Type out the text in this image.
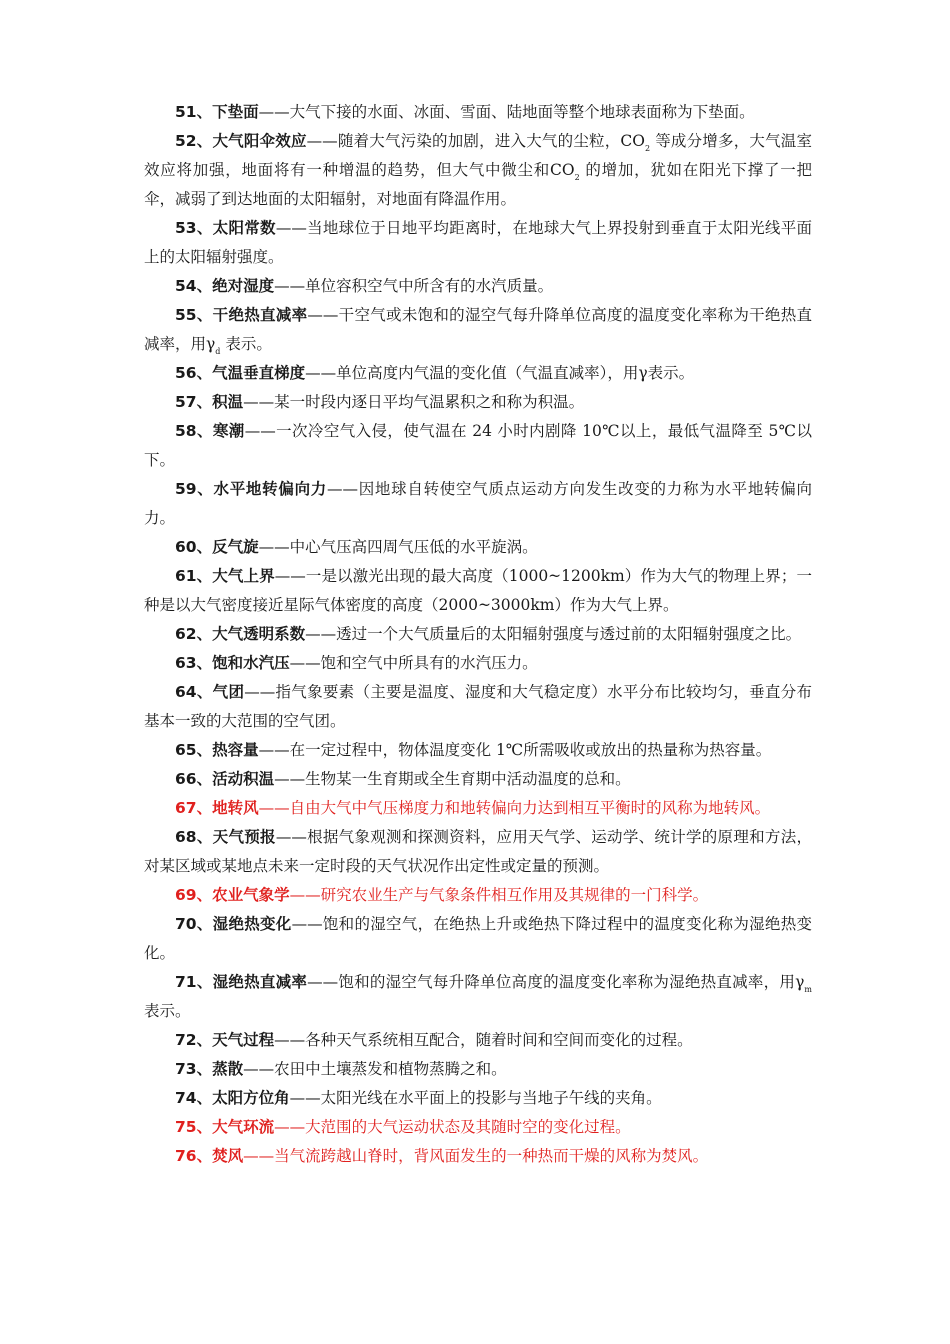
51、下垫面——大气下接的水面、冰面、雪面、陆地面等整个地球表面称为下垫面。

52、大气阳伞效应——随着大气污染的加剧，进入大气的尘粒，$CO_2$ 等成分增多，大气温室效应将加强，地面将有一种增温的趋势，但大气中微尘和$CO_2$ 的增加，犹如在阳光下撑了一把伞，减弱了到达地面的太阳辐射，对地面有降温作用。

53、太阳常数——当地球位于日地平均距离时，在地球大气上界投射到垂直于太阳光线平面上的太阳辐射强度。

54、绝对湿度——单位容积空气中所含有的水汽质量。

55、干绝热直减率——干空气或未饱和的湿空气每升降单位高度的温度变化率称为干绝热直减率，用$\gamma_d$ 表示。

56、气温垂直梯度——单位高度内气温的变化值（气温直减率），用γ表示。

57、积温——某一时段内逐日平均气温累积之和称为积温。

58、寒潮——一次冷空气入侵，使气温在 24 小时内剧降 10℃以上，最低气温降至 5℃以下。

59、水平地转偏向力——因地球自转使空气质点运动方向发生改变的力称为水平地转偏向力。

60、反气旋——中心气压高四周气压低的水平旋涡。

61、大气上界——一是以激光出现的最大高度（1000~1200km）作为大气的物理上界；一种是以大气密度接近星际气体密度的高度（2000~3000km）作为大气上界。

62、大气透明系数——透过一个大气质量后的太阳辐射强度与透过前的太阳辐射强度之比。

63、饱和水汽压——饱和空气中所具有的水汽压力。

64、气团——指气象要素（主要是温度、湿度和大气稳定度）水平分布比较均匀，垂直分布基本一致的大范围的空气团。

65、热容量——在一定过程中，物体温度变化 1℃所需吸收或放出的热量称为热容量。

66、活动积温——生物某一生育期或全生育期中活动温度的总和。

67、地转风——自由大气中气压梯度力和地转偏向力达到相互平衡时的风称为地转风。

68、天气预报——根据气象观测和探测资料，应用天气学、运动学、统计学的原理和方法，对某区域或某地点未来一定时段的天气状况作出定性或定量的预测。

69、农业气象学——研究农业生产与气象条件相互作用及其规律的一门科学。

70、湿绝热变化——饱和的湿空气，在绝热上升或绝热下降过程中的温度变化称为湿绝热变化。

71、湿绝热直减率——饱和的湿空气每升降单位高度的温度变化率称为湿绝热直减率，用$\gamma_m$ 表示。

72、天气过程——各种天气系统相互配合，随着时间和空间而变化的过程。

73、蒸散——农田中土壤蒸发和植物蒸腾之和。

74、太阳方位角——太阳光线在水平面上的投影与当地子午线的夹角。

75、大气环流——大范围的大气运动状态及其随时空的变化过程。

76、焚风——当气流跨越山脊时，背风面发生的一种热而干燥的风称为焚风。
